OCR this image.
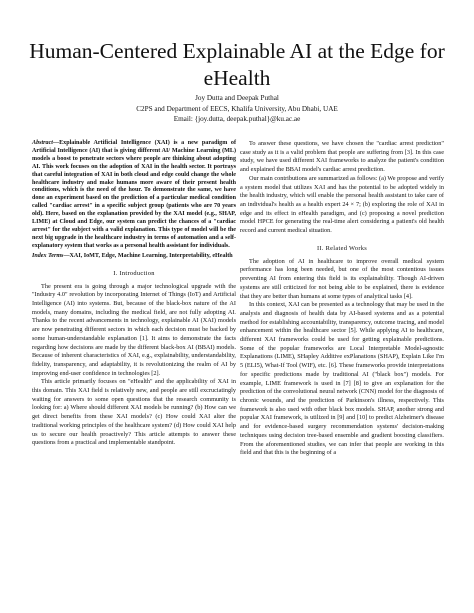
Human-Centered Explainable AI at the Edge for eHealth
Joy Dutta and Deepak Puthal
C2PS and Department of EECS, Khalifa University, Abu Dhabi, UAE
Email: {joy.dutta, deepak.puthal}@ku.ac.ae

Abstract—Explainable Artificial Intelligence (XAI) is a new paradigm of Artificial Intelligence (AI) that is giving different AI/ Machine Learning (ML) models a boost to penetrate sectors where people are thinking about adopting AI. This work focuses on the adoption of XAI in the health sector. It portrays that careful integration of XAI in both cloud and edge could change the whole healthcare industry and make humans more aware of their present health conditions, which is the need of the hour. To demonstrate the same, we have done an experiment based on the prediction of a particular medical condition called "cardiac arrest" in a specific subject group (patients who are 70 years old). Here, based on the explanation provided by the XAI model (e.g., SHAP, LIME) at Cloud and Edge, our system can predict the chances of a "cardiac arrest" for the subject with a valid explanation. This type of model will be the next big upgrade in the healthcare industry in terms of automation and a self-explanatory system that works as a personal health assistant for individuals.

Index Terms—XAI, IoMT, Edge, Machine Learning, Interpretability, eHealth

I. Introduction

The present era is going through a major technological upgrade with the "Industry 4.0" revolution by incorporating Internet of Things (IoT) and Artificial Intelligence (AI) into systems. But, because of the black-box nature of the AI models, many domains, including the medical field, are not fully adopting AI. Thanks to the recent advancements in technology, explainable AI (XAI) models are now penetrating different sectors in which each decision must be backed by some human-understandable explanation [1]. It aims to demonstrate the facts regarding how decisions are made by the different black-box AI (BBAI) models. Because of inherent characteristics of XAI, e.g., explainability, understandability, fidelity, transparency, and adaptability, it is revolutionizing the realm of AI by improving end-user confidence in technologies [2].

This article primarily focuses on "eHealth" and the applicability of XAI in this domain. This XAI field is relatively new, and people are still excruciatingly waiting for answers to some open questions that the research community is looking for: a) Where should different XAI models be running? (b) How can we get direct benefits from these XAI models? (c) How could XAI alter the traditional working principles of the healthcare system? (d) How could XAI help us to secure our health proactively? This article attempts to answer these questions from a practical and implementable standpoint.

To answer these questions, we have chosen the "cardiac arrest prediction" case study as it is a valid problem that people are suffering from [3]. In this case study, we have used different XAI frameworks to analyze the patient's condition and explained the BBAI model's cardiac arrest prediction.

Our main contributions are summarized as follows: (a) We propose and verify a system model that utilizes XAI and has the potential to be adopted widely in the health industry, which will enable the personal health assistant to take care of an individual's health as a health expert 24 × 7; (b) exploring the role of XAI in edge and its effect in eHealth paradigm, and (c) proposing a novel prediction model HPCE for generating the real-time alert considering a patient's old health record and current medical situation.

II. Related Works

The adoption of AI in healthcare to improve overall medical system performance has long been needed, but one of the most contentious issues preventing AI from entering this field is its explainability. Though AI-driven systems are still criticized for not being able to be explained, there is evidence that they are better than humans at some types of analytical tasks [4].

In this context, XAI can be presented as a technology that may be used in the analysis and diagnosis of health data by AI-based systems and as a potential method for establishing accountability, transparency, outcome tracing, and model enhancement within the healthcare sector [5]. While applying AI to healthcare, different XAI frameworks could be used for getting explainable predictions. Some of the popular frameworks are Local Interpretable Model-agnostic Explanations (LIME), SHapley Additive exPlanations (SHAP), Explain Like I'm 5 (ELI5), What-If Tool (WIF), etc. [6]. These frameworks provide interpretations for specific predictions made by traditional AI ("black box") models. For example, LIME framework is used in [7] [8] to give an explanation for the prediction of the convolutional neural network (CNN) model for the diagnosis of chronic wounds, and the prediction of Parkinson's illness, respectively. This framework is also used with other black box models. SHAP, another strong and popular XAI framework, is utilized in [9] and [10] to predict Alzheimer's disease and for evidence-based surgery recommendation systems' decision-making techniques using decision tree-based ensemble and gradient boosting classifiers. From the aforementioned studies, we can infer that people are working in this field and that this is the beginning of a
